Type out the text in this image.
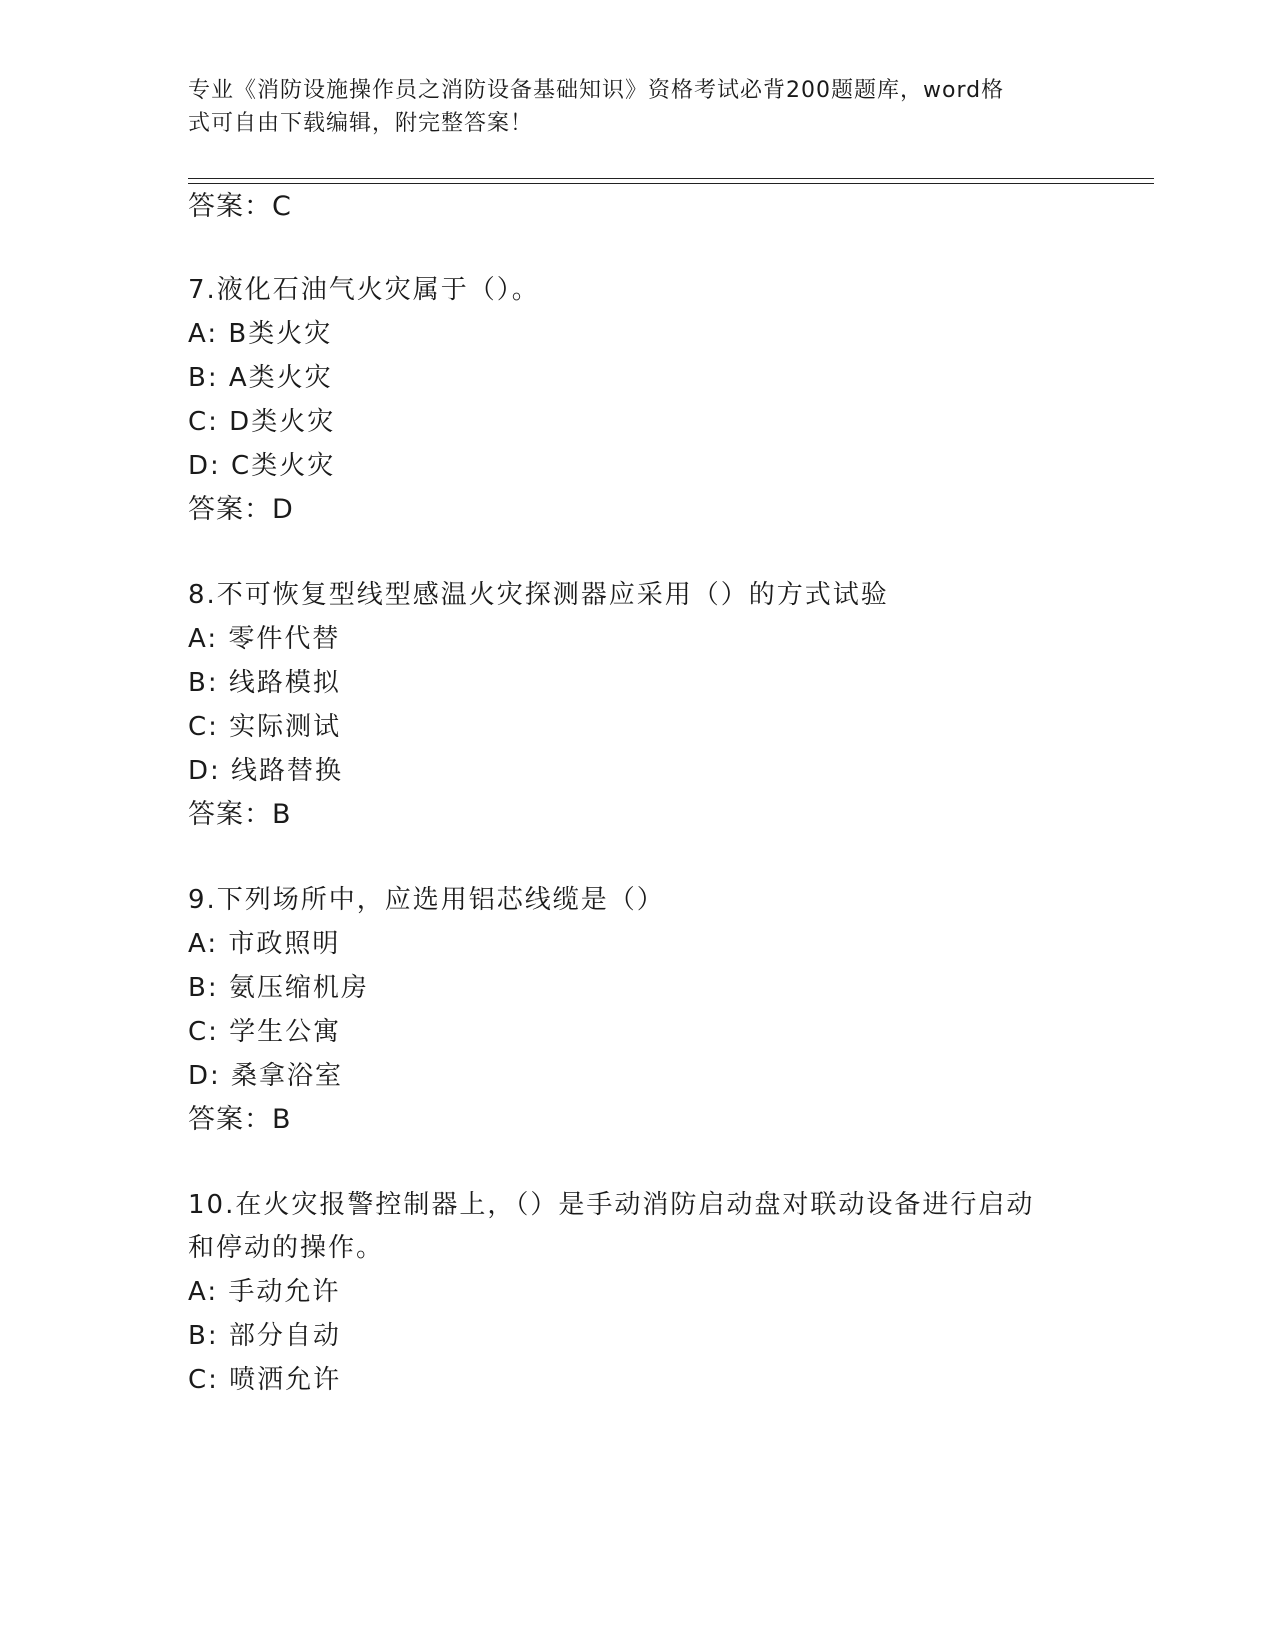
专业《消防设施操作员之消防设备基础知识》资格考试必背200题题库，word格
式可自由下载编辑，附完整答案！
答案：C
7.液化石油气火灾属于（）。
A: B类火灾
B: A类火灾
C: D类火灾
D: C类火灾
答案：D
8.不可恢复型线型感温火灾探测器应采用（）的方式试验
A: 零件代替
B: 线路模拟
C: 实际测试
D: 线路替换
答案：B
9.下列场所中，应选用铝芯线缆是（）
A: 市政照明
B: 氨压缩机房
C: 学生公寓
D: 桑拿浴室
答案：B
10.在火灾报警控制器上，（）是手动消防启动盘对联动设备进行启动
和停动的操作。
A: 手动允许
B: 部分自动
C: 喷洒允许
